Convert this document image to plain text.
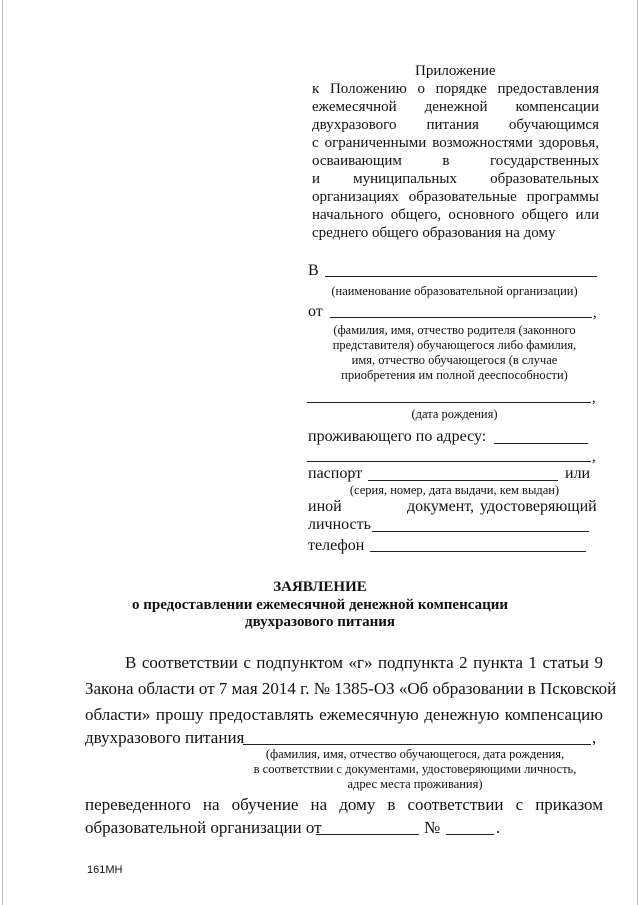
Приложение
к Положению о порядке предоставления
ежемесячной денежной компенсации
двухразового питания обучающимся
с ограниченными возможностями здоровья,
осваивающим в государственных
и муниципальных образовательных
организациях образовательные программы
начального общего, основного общего или
среднего общего образования на дому
В
(наименование образовательной организации)
от	,
(фамилия, имя, отчество родителя (законного
представителя) обучающегося либо фамилия,
имя, отчество обучающегося (в случае
приобретения им полной дееспособности)
,
(дата рождения)
проживающего по адресу:
,
паспорт	или
(серия, номер, дата выдачи, кем выдан)
иной	документ, удостоверяющий
личность
телефон
ЗАЯВЛЕНИЕ
о предоставлении ежемесячной денежной компенсации
двухразового питания
В соответствии с подпунктом «г» подпункта 2 пункта 1 статьи 9
Закона области от 7 мая 2014 г. № 1385-ОЗ «Об образовании в Псковской
области» прошу предоставлять ежемесячную денежную компенсацию
двухразового питания	,
(фамилия, имя, отчество обучающегося, дата рождения,
в соответствии с документами, удостоверяющими личность,
адрес места проживания)
переведенного на обучение на дому в соответствии с приказом
образовательной организации от	№	.
161МН
